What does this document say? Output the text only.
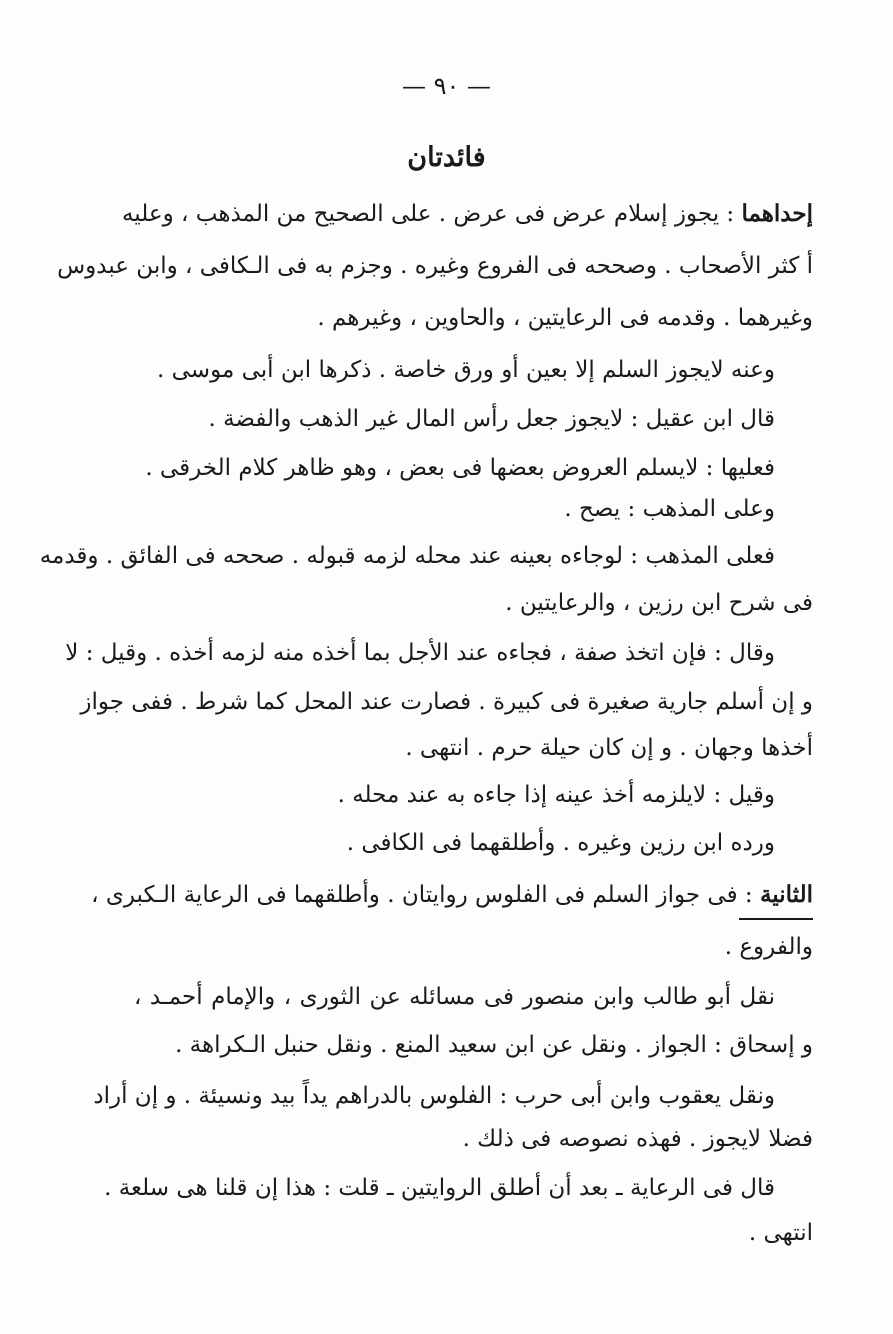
— ٩٠ —
فائدتان
إحداهما : يجوز إسلام عرض فى عرض . على الصحيح من المذهب ، وعليه
أ كثر الأصحاب . وصححه فى الفروع وغيره . وجزم به فى الـكافى ، وابن عبدوس
وغيرهما . وقدمه فى الرعايتين ، والحاوين ، وغيرهم .
وعنه لايجوز السلم إلا بعين أو ورق خاصة . ذكرها ابن أبى موسى .
قال ابن عقيل : لايجوز جعل رأس المال غير الذهب والفضة .
فعليها : لايسلم العروض بعضها فى بعض ، وهو ظاهر كلام الخرقى .
وعلى المذهب : يصح .
فعلى المذهب : لوجاءه بعينه عند محله لزمه قبوله . صححه فى الفائق . وقدمه
فى شرح ابن رزين ، والرعايتين .
وقال : فإن اتخذ صفة ، فجاءه عند الأجل بما أخذه منه لزمه أخذه . وقيل : لا
و إن أسلم جارية صغيرة فى كبيرة . فصارت عند المحل كما شرط . ففى جواز
أخذها وجهان . و إن كان حيلة حرم . انتهى .
وقيل : لايلزمه أخذ عينه إذا جاءه به عند محله .
ورده ابن رزين وغيره . وأطلقهما فى الكافى .
الثانية : فى جواز السلم فى الفلوس روايتان . وأطلقهما فى الرعاية الـكبرى ،
والفروع .
نقل أبو طالب وابن منصور فى مسائله عن الثورى ، والإمام أحمـد ،
و إسحاق : الجواز . ونقل عن ابن سعيد المنع . ونقل حنبل الـكراهة .
ونقل يعقوب وابن أبى حرب : الفلوس بالدراهم يداً بيد ونسيئة . و إن أراد
فضلا لايجوز . فهذه نصوصه فى ذلك .
قال فى الرعاية ـ بعد أن أطلق الروايتين ـ قلت : هذا إن قلنا هى سلعة .
انتهى .
